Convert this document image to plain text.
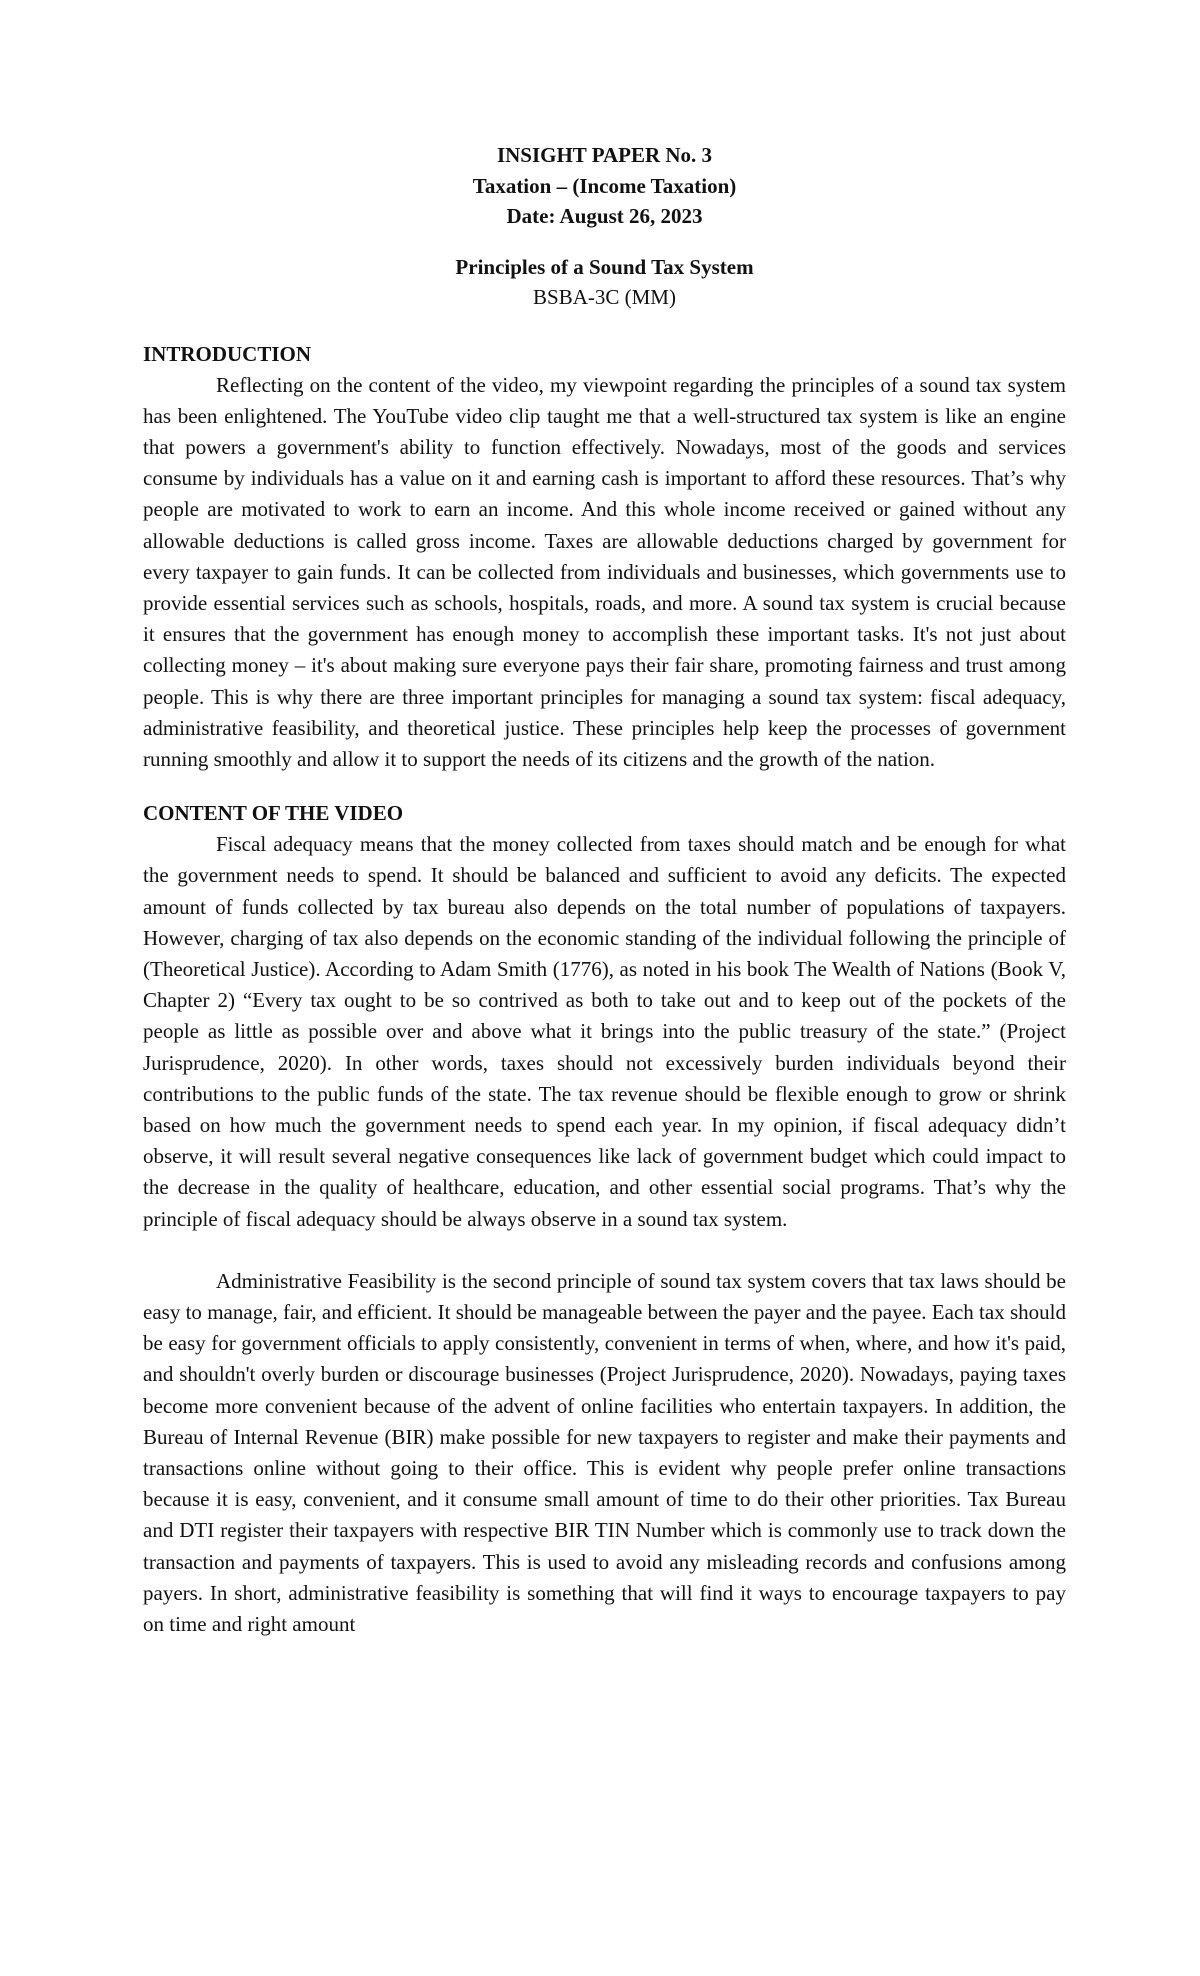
INSIGHT PAPER No. 3
Taxation – (Income Taxation)
Date: August 26, 2023
Principles of a Sound Tax System
BSBA-3C (MM)
INTRODUCTION

Reflecting on the content of the video, my viewpoint regarding the principles of a sound tax system has been enlightened. The YouTube video clip taught me that a well-structured tax system is like an engine that powers a government's ability to function effectively. Nowadays, most of the goods and services consume by individuals has a value on it and earning cash is important to afford these resources. That’s why people are motivated to work to earn an income. And this whole income received or gained without any allowable deductions is called gross income. Taxes are allowable deductions charged by government for every taxpayer to gain funds. It can be collected from individuals and businesses, which governments use to provide essential services such as schools, hospitals, roads, and more. A sound tax system is crucial because it ensures that the government has enough money to accomplish these important tasks. It's not just about collecting money – it's about making sure everyone pays their fair share, promoting fairness and trust among people. This is why there are three important principles for managing a sound tax system: fiscal adequacy, administrative feasibility, and theoretical justice. These principles help keep the processes of government running smoothly and allow it to support the needs of its citizens and the growth of the nation.

CONTENT OF THE VIDEO

Fiscal adequacy means that the money collected from taxes should match and be enough for what the government needs to spend. It should be balanced and sufficient to avoid any deficits. The expected amount of funds collected by tax bureau also depends on the total number of populations of taxpayers. However, charging of tax also depends on the economic standing of the individual following the principle of (Theoretical Justice). According to Adam Smith (1776), as noted in his book The Wealth of Nations (Book V, Chapter 2) “Every tax ought to be so contrived as both to take out and to keep out of the pockets of the people as little as possible over and above what it brings into the public treasury of the state.” (Project Jurisprudence, 2020). In other words, taxes should not excessively burden individuals beyond their contributions to the public funds of the state. The tax revenue should be flexible enough to grow or shrink based on how much the government needs to spend each year. In my opinion, if fiscal adequacy didn’t observe, it will result several negative consequences like lack of government budget which could impact to the decrease in the quality of healthcare, education, and other essential social programs. That’s why the principle of fiscal adequacy should be always observe in a sound tax system.

Administrative Feasibility is the second principle of sound tax system covers that tax laws should be easy to manage, fair, and efficient. It should be manageable between the payer and the payee. Each tax should be easy for government officials to apply consistently, convenient in terms of when, where, and how it's paid, and shouldn't overly burden or discourage businesses (Project Jurisprudence, 2020). Nowadays, paying taxes become more convenient because of the advent of online facilities who entertain taxpayers. In addition, the Bureau of Internal Revenue (BIR) make possible for new taxpayers to register and make their payments and transactions online without going to their office. This is evident why people prefer online transactions because it is easy, convenient, and it consume small amount of time to do their other priorities. Tax Bureau and DTI register their taxpayers with respective BIR TIN Number which is commonly use to track down the transaction and payments of taxpayers. This is used to avoid any misleading records and confusions among payers. In short, administrative feasibility is something that will find it ways to encourage taxpayers to pay on time and right amount
